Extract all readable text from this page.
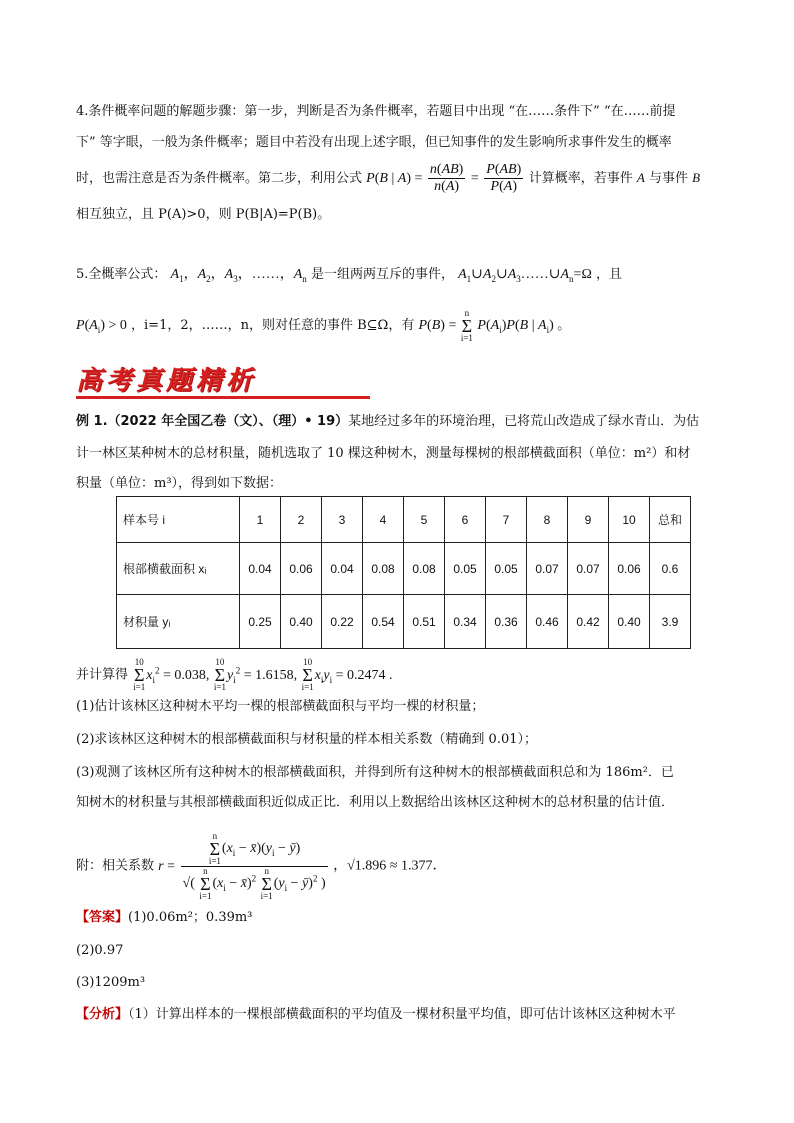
4.条件概率问题的解题步骤：第一步，判断是否为条件概率，若题目中出现 “在……条件下” “在……前提
下” 等字眼，一般为条件概率；题目中若没有出现上述字眼，但已知事件的发生影响所求事件发生的概率
时，也需注意是否为条件概率。第二步，利用公式 P(B | $A) = \frac{n(AB)}{n(A)} = \frac{P(AB)}{P(A)}$ 计算概率，若事件 A 与事件 B
相互独立，且 P(A)>0，则 P(B|A)=P(B)。
5.全概率公式： $A_1$，$A_2$，$A_3$，……，$A_n$ 是一组两两互斥的事件， $A_1\cup A_2\cup A_3\dots\dots\cup A_n=\Omega$ ，且
$P(A_i) > 0$ ，i=1，2，……，n，则对任意的事件 B⊆Ω，有 P(B) = n
Σ
i=1 $P(A_i)P(B$ | $A_i$) 。
高考真题精析
例 1.（2022 年全国乙卷（文）、（理）• 19）某地经过多年的环境治理，已将荒山改造成了绿水青山．为估
计一林区某种树木的总材积量，随机选取了 10 棵这种树木，测量每棵树的根部横截面积（单位：m²）和材
积量（单位：m³），得到如下数据：
样本号 i	1	2	3	4	5	6	7	8	9	10	总和
根部横截面积 xᵢ	0.04	0.06	0.04	0.08	0.08	0.05	0.05	0.07	0.07	0.06	0.6
材积量 yᵢ	0.25	0.40	0.22	0.54	0.51	0.34	0.36	0.46	0.42	0.40	3.9
并计算得 10
Σ
$i=1x_i^2 = 0.038$, 10
Σ
$i=1y_i^2 = 1.6158$, 10
Σ
$i=1x_iy_i = 0.2474$ .
(1)估计该林区这种树木平均一棵的根部横截面积与平均一棵的材积量；
(2)求该林区这种树木的根部横截面积与材积量的样本相关系数（精确到 0.01）；
(3)观测了该林区所有这种树木的根部横截面积，并得到所有这种树木的根部横截面积总和为 186m²．已
知树木的材积量与其根部横截面积近似成正比．利用以上数据给出该林区这种树木的总材积量的估计值．
附：相关系数 r = n
Σ
$i=1(x_i$ − $x̄)(y_i$ − ȳ)
√( n
Σ
$i=1(x_i$ − x̄)$^2$ n
Σ
$i=1(y_i$ − ȳ)$^2$ ) ，√1.896 ≈ 1.377．
【答案】(1)0.06m²；0.39m³
(2)0.97
(3)1209m³
【分析】（1）计算出样本的一棵根部横截面积的平均值及一棵材积量平均值，即可估计该林区这种树木平
